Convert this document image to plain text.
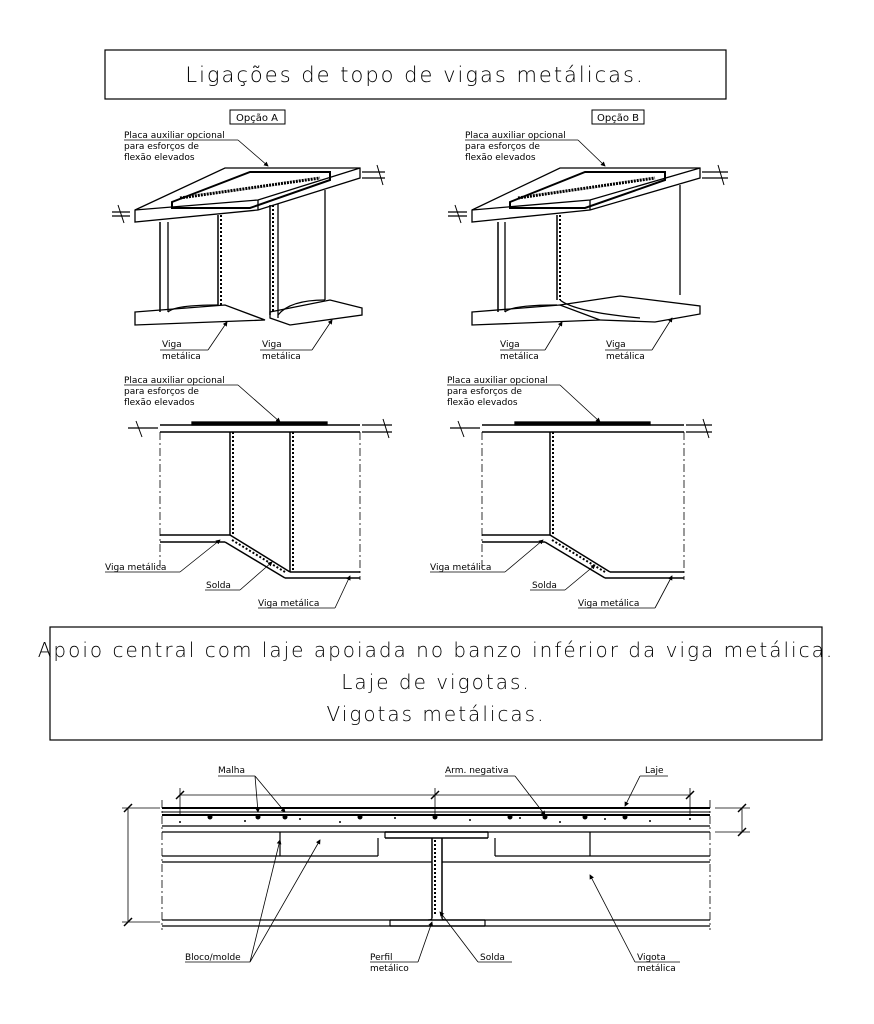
Ligações de topo de vigas metálicas.
Opção A	Opção B
Placa auxiliar opcional
para esforços de
flexão elevados
Viga
metálica
Viga
metálica
Placa auxiliar opcional
para esforços de
flexão elevados
Viga
metálica
Viga
metálica
Placa auxiliar opcional
para esforços de
flexão elevados
Viga metálica
Solda
Viga metálica
Placa auxiliar opcional
para esforços de
flexão elevados
Viga metálica
Solda
Viga metálica
Apoio central com laje apoiada no banzo inférior da viga metálica.
Laje de vigotas.
Vigotas metálicas.
Malha	Arm. negativa	Laje
Bloco/molde	Perfil
metálico
Solda	Vigota
metálica
